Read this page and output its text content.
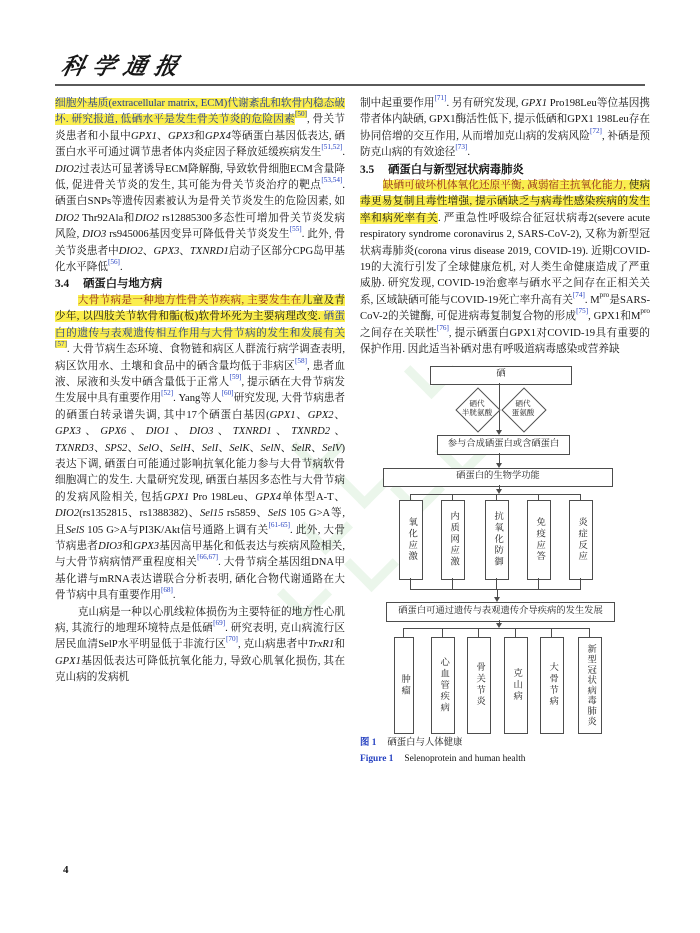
科学通报

细胞外基质(extracellular matrix, ECM)代谢紊乱和软骨内稳态破坏. 研究报道, 低硒水平是发生骨关节炎的危险因素[50], 骨关节炎患者和小鼠中GPX1、GPX3和GPX4等硒蛋白基因低表达, 硒蛋白水平可通过调节患者体内炎症因子释放延缓疾病发生[51,52]. DIO2过表达可显著诱导ECM降解酶, 导致软骨细胞ECM含量降低, 促进骨关节炎的发生, 其可能为骨关节炎治疗的靶点[53,54]. 硒蛋白SNPs等遗传因素被认为是骨关节炎发生的危险因素, 如DIO2 Thr92Ala和DIO2 rs12885300多态性可增加骨关节炎发病风险, DIO3 rs945006基因变异可降低骨关节炎发生[55]. 此外, 骨关节炎患者中DIO2、GPX3、TXNRD1启动子区部分CPG岛甲基化水平降低[56].

3.4 硒蛋白与地方病

大骨节病是一种地方性骨关节疾病, 主要发生在儿童及青少年, 以四肢关节软骨和骺(板)软骨坏死为主要病理改变. 硒蛋白的遗传与表观遗传相互作用与大骨节病的发生和发展有关[57]. 大骨节病生态环境、食物链和病区人群流行病学调查表明, 病区饮用水、土壤和食品中的硒含量均低于非病区[58], 患者血液、尿液和头发中硒含量低于正常人[59], 提示硒在大骨节病发生发展中具有重要作用[52]. Yang等人[60]研究发现, 大骨节病患者的硒蛋白转录谱失调, 其中17个硒蛋白基因(GPX1、GPX2、GPX3、GPX6、DIO1、DIO3、TXNRD1、TXNRD2、TXNRD3、SPS2、SelO、SelH、SelI、SelK、SelN、SelR、SelV)表达下调, 硒蛋白可能通过影响抗氧化能力参与大骨节病软骨细胞凋亡的发生. 大量研究发现, 硒蛋白基因多态性与大骨节病的发病风险相关, 包括GPX1 Pro 198Leu、GPX4单体型A-T、DIO2(rs1352815、rs1388382)、Sel15 rs5859、SelS 105 G>A等, 且SelS 105 G>A与PI3K/Akt信号通路上调有关[61-65]. 此外, 大骨节病患者DIO3和GPX3基因高甲基化和低表达与疾病风险相关, 与大骨节病病情严重程度相关[66,67]. 大骨节病全基因组DNA甲基化谱与mRNA表达谱联合分析表明, 硒化合物代谢通路在大骨节病中具有重要作用[68].

克山病是一种以心肌线粒体损伤为主要特征的地方性心肌病, 其流行的地理环境特点是低硒[69]. 研究表明, 克山病流行区居民血清SelP水平明显低于非流行区[70], 克山病患者中TrxR1和GPX1基因低表达可降低抗氧化能力, 导致心肌氧化损伤, 其在克山病的发病机

制中起重要作用[71]. 另有研究发现, GPX1 Pro198Leu等位基因携带者体内缺硒, GPX1酶活性低下, 提示低硒和GPX1 198Leu存在协同倍增的交互作用, 从而增加克山病的发病风险[72], 补硒是预防克山病的有效途径[73].

3.5 硒蛋白与新型冠状病毒肺炎

缺硒可破坏机体氧化还原平衡, 减弱宿主抗氧化能力, 使病毒更易复制且毒性增强, 提示硒缺乏与病毒性感染疾病的发生率和病死率有关. 严重急性呼吸综合征冠状病毒2(severe acute respiratory syndrome coronavirus 2, SARS-CoV-2), 又称为新型冠状病毒肺炎(corona virus disease 2019, COVID-19). 近期COVID-19的大流行引发了全球健康危机, 对人类生命健康造成了严重威胁. 研究发现, COVID-19治愈率与硒水平之间存在正相关关系, 区域缺硒可能与COVID-19死亡率升高有关[74]. $M^{pro}$是SARS-CoV-2的关键酶, 可促进病毒复制复合物的形成[75], GPX1和$M^{pro}$之间存在关联性[76], 提示硒蛋白GPX1对COVID-19具有重要的保护作用. 因此适当补硒对患有呼吸道病毒感染或营养缺

硒
硒代
半胱氨酸
硒代
蛋氨酸
参与合成硒蛋白或含硒蛋白
硒蛋白的生物学功能
氧化应激	内质网应激	抗氧化防御	免疫应答	炎症反应
硒蛋白可通过遗传与表观遗传介导疾病的发生发展
肿瘤	心血管疾病	骨关节炎	克山病	大骨节病	新型冠状病毒肺炎

图 1 硒蛋白与人体健康

Figure 1 Selenoprotein and human health

4
